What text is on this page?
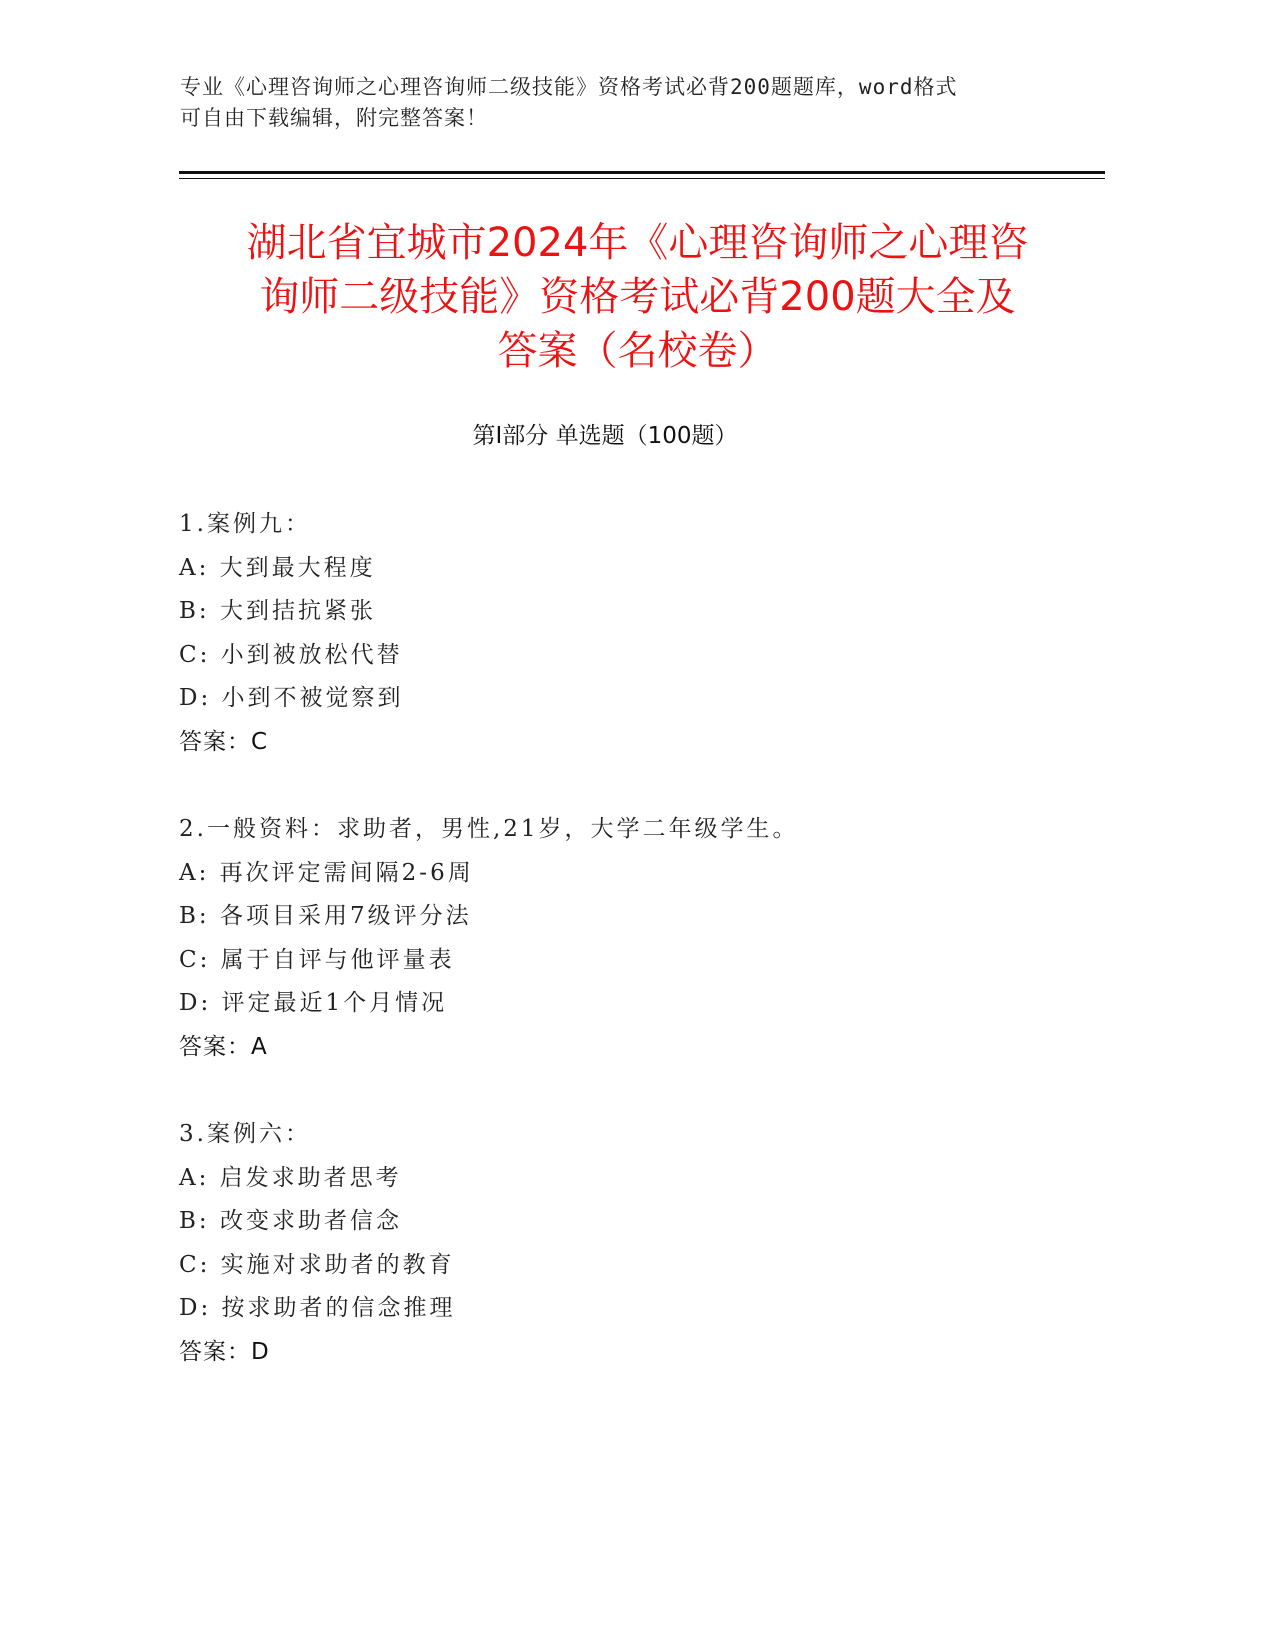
专业《心理咨询师之心理咨询师二级技能》资格考试必背200题题库，word格式
可自由下载编辑，附完整答案！
湖北省宜城市2024年《心理咨询师之心理咨
询师二级技能》资格考试必背200题大全及
答案（名校卷）
第Ⅰ部分 单选题（100题）
1.案例九：
A: 大到最大程度
B: 大到拮抗紧张
C: 小到被放松代替
D: 小到不被觉察到
答案：C
2.一般资料：求助者，男性,21岁，大学二年级学生。
A: 再次评定需间隔2-6周
B: 各项目采用7级评分法
C: 属于自评与他评量表
D: 评定最近1个月情况
答案：A
3.案例六：
A: 启发求助者思考
B: 改变求助者信念
C: 实施对求助者的教育
D: 按求助者的信念推理
答案：D
